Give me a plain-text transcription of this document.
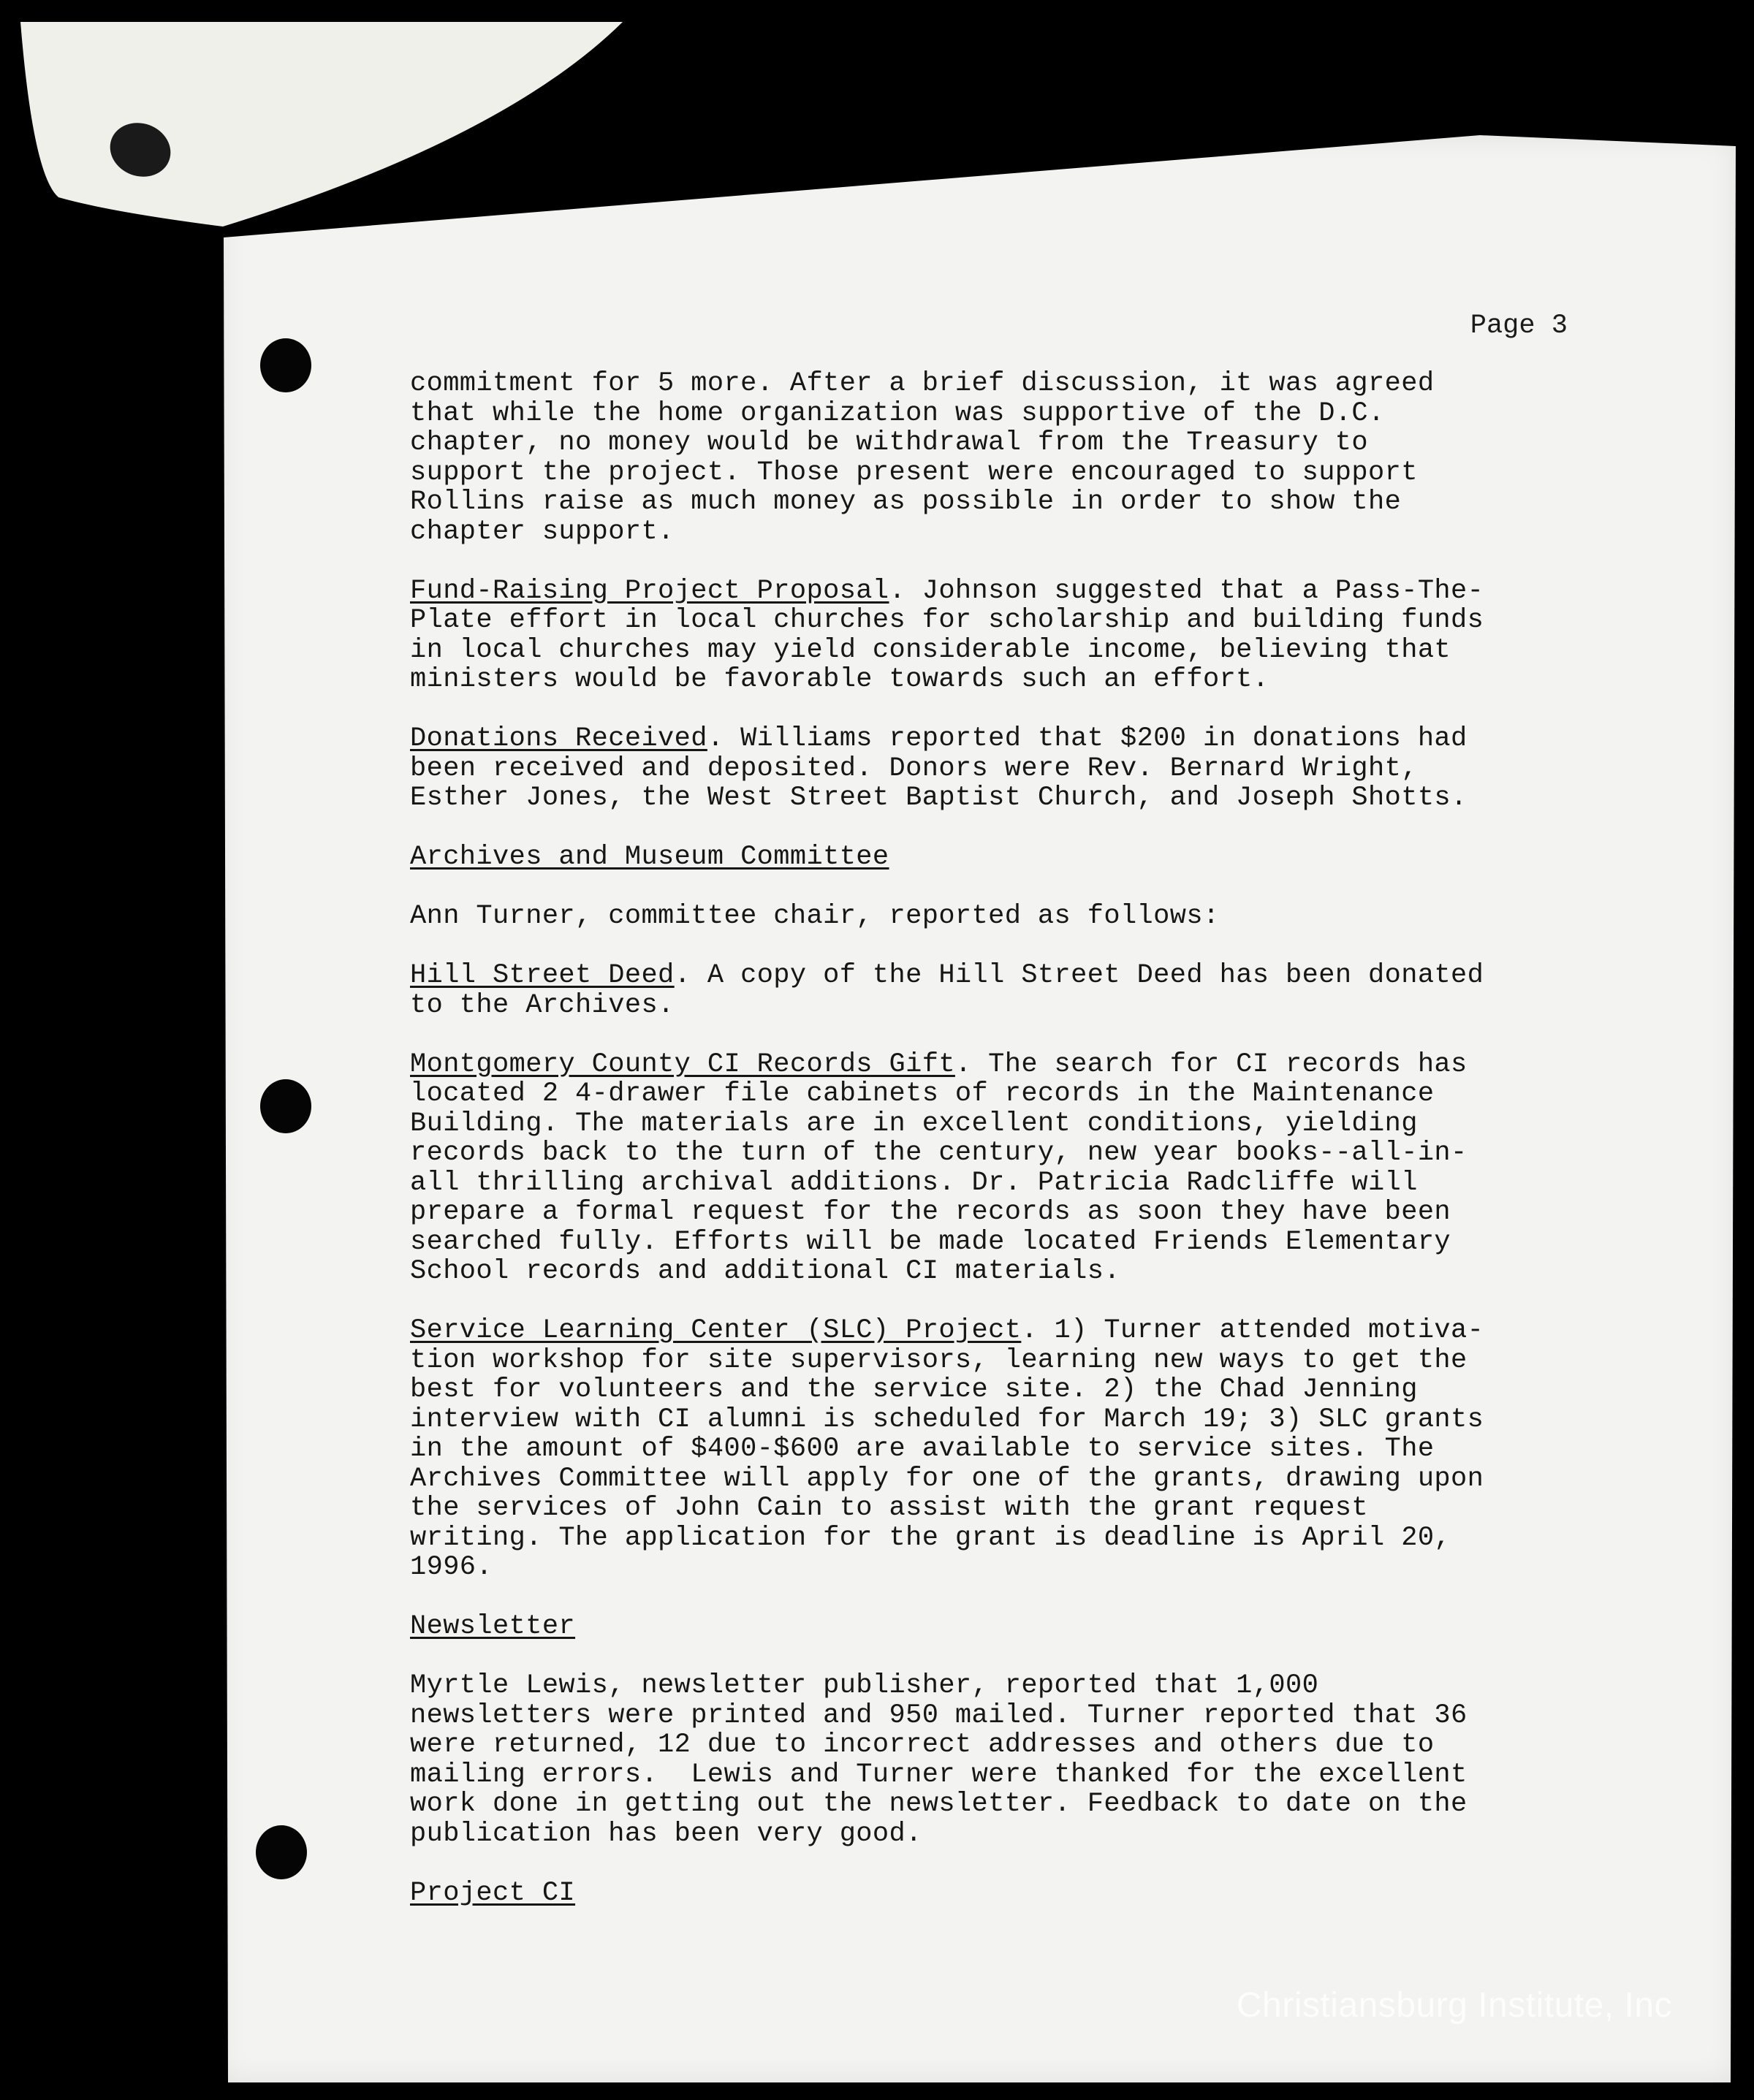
Page 3

commitment for 5 more. After a brief discussion, it was agreed
that while the home organization was supportive of the D.C.
chapter, no money would be withdrawal from the Treasury to
support the project. Those present were encouraged to support
Rollins raise as much money as possible in order to show the
chapter support.

Fund-Raising Project Proposal. Johnson suggested that a Pass-The-
Plate effort in local churches for scholarship and building funds
in local churches may yield considerable income, believing that
ministers would be favorable towards such an effort.

Donations Received. Williams reported that $200 in donations had
been received and deposited. Donors were Rev. Bernard Wright,
Esther Jones, the West Street Baptist Church, and Joseph Shotts.

Archives and Museum Committee

Ann Turner, committee chair, reported as follows:

Hill Street Deed. A copy of the Hill Street Deed has been donated
to the Archives.

Montgomery County CI Records Gift. The search for CI records has
located 2 4-drawer file cabinets of records in the Maintenance
Building. The materials are in excellent conditions, yielding
records back to the turn of the century, new year books--all-in-
all thrilling archival additions. Dr. Patricia Radcliffe will
prepare a formal request for the records as soon they have been
searched fully. Efforts will be made located Friends Elementary
School records and additional CI materials.

Service Learning Center (SLC) Project. 1) Turner attended motiva-
tion workshop for site supervisors, learning new ways to get the
best for volunteers and the service site. 2) the Chad Jenning
interview with CI alumni is scheduled for March 19; 3) SLC grants
in the amount of $400-$600 are available to service sites. The
Archives Committee will apply for one of the grants, drawing upon
the services of John Cain to assist with the grant request
writing. The application for the grant is deadline is April 20,
1996.

Newsletter

Myrtle Lewis, newsletter publisher, reported that 1,000
newsletters were printed and 950 mailed. Turner reported that 36
were returned, 12 due to incorrect addresses and others due to
mailing errors.  Lewis and Turner were thanked for the excellent
work done in getting out the newsletter. Feedback to date on the
publication has been very good.

Project CI

Christiansburg Institute, Inc
